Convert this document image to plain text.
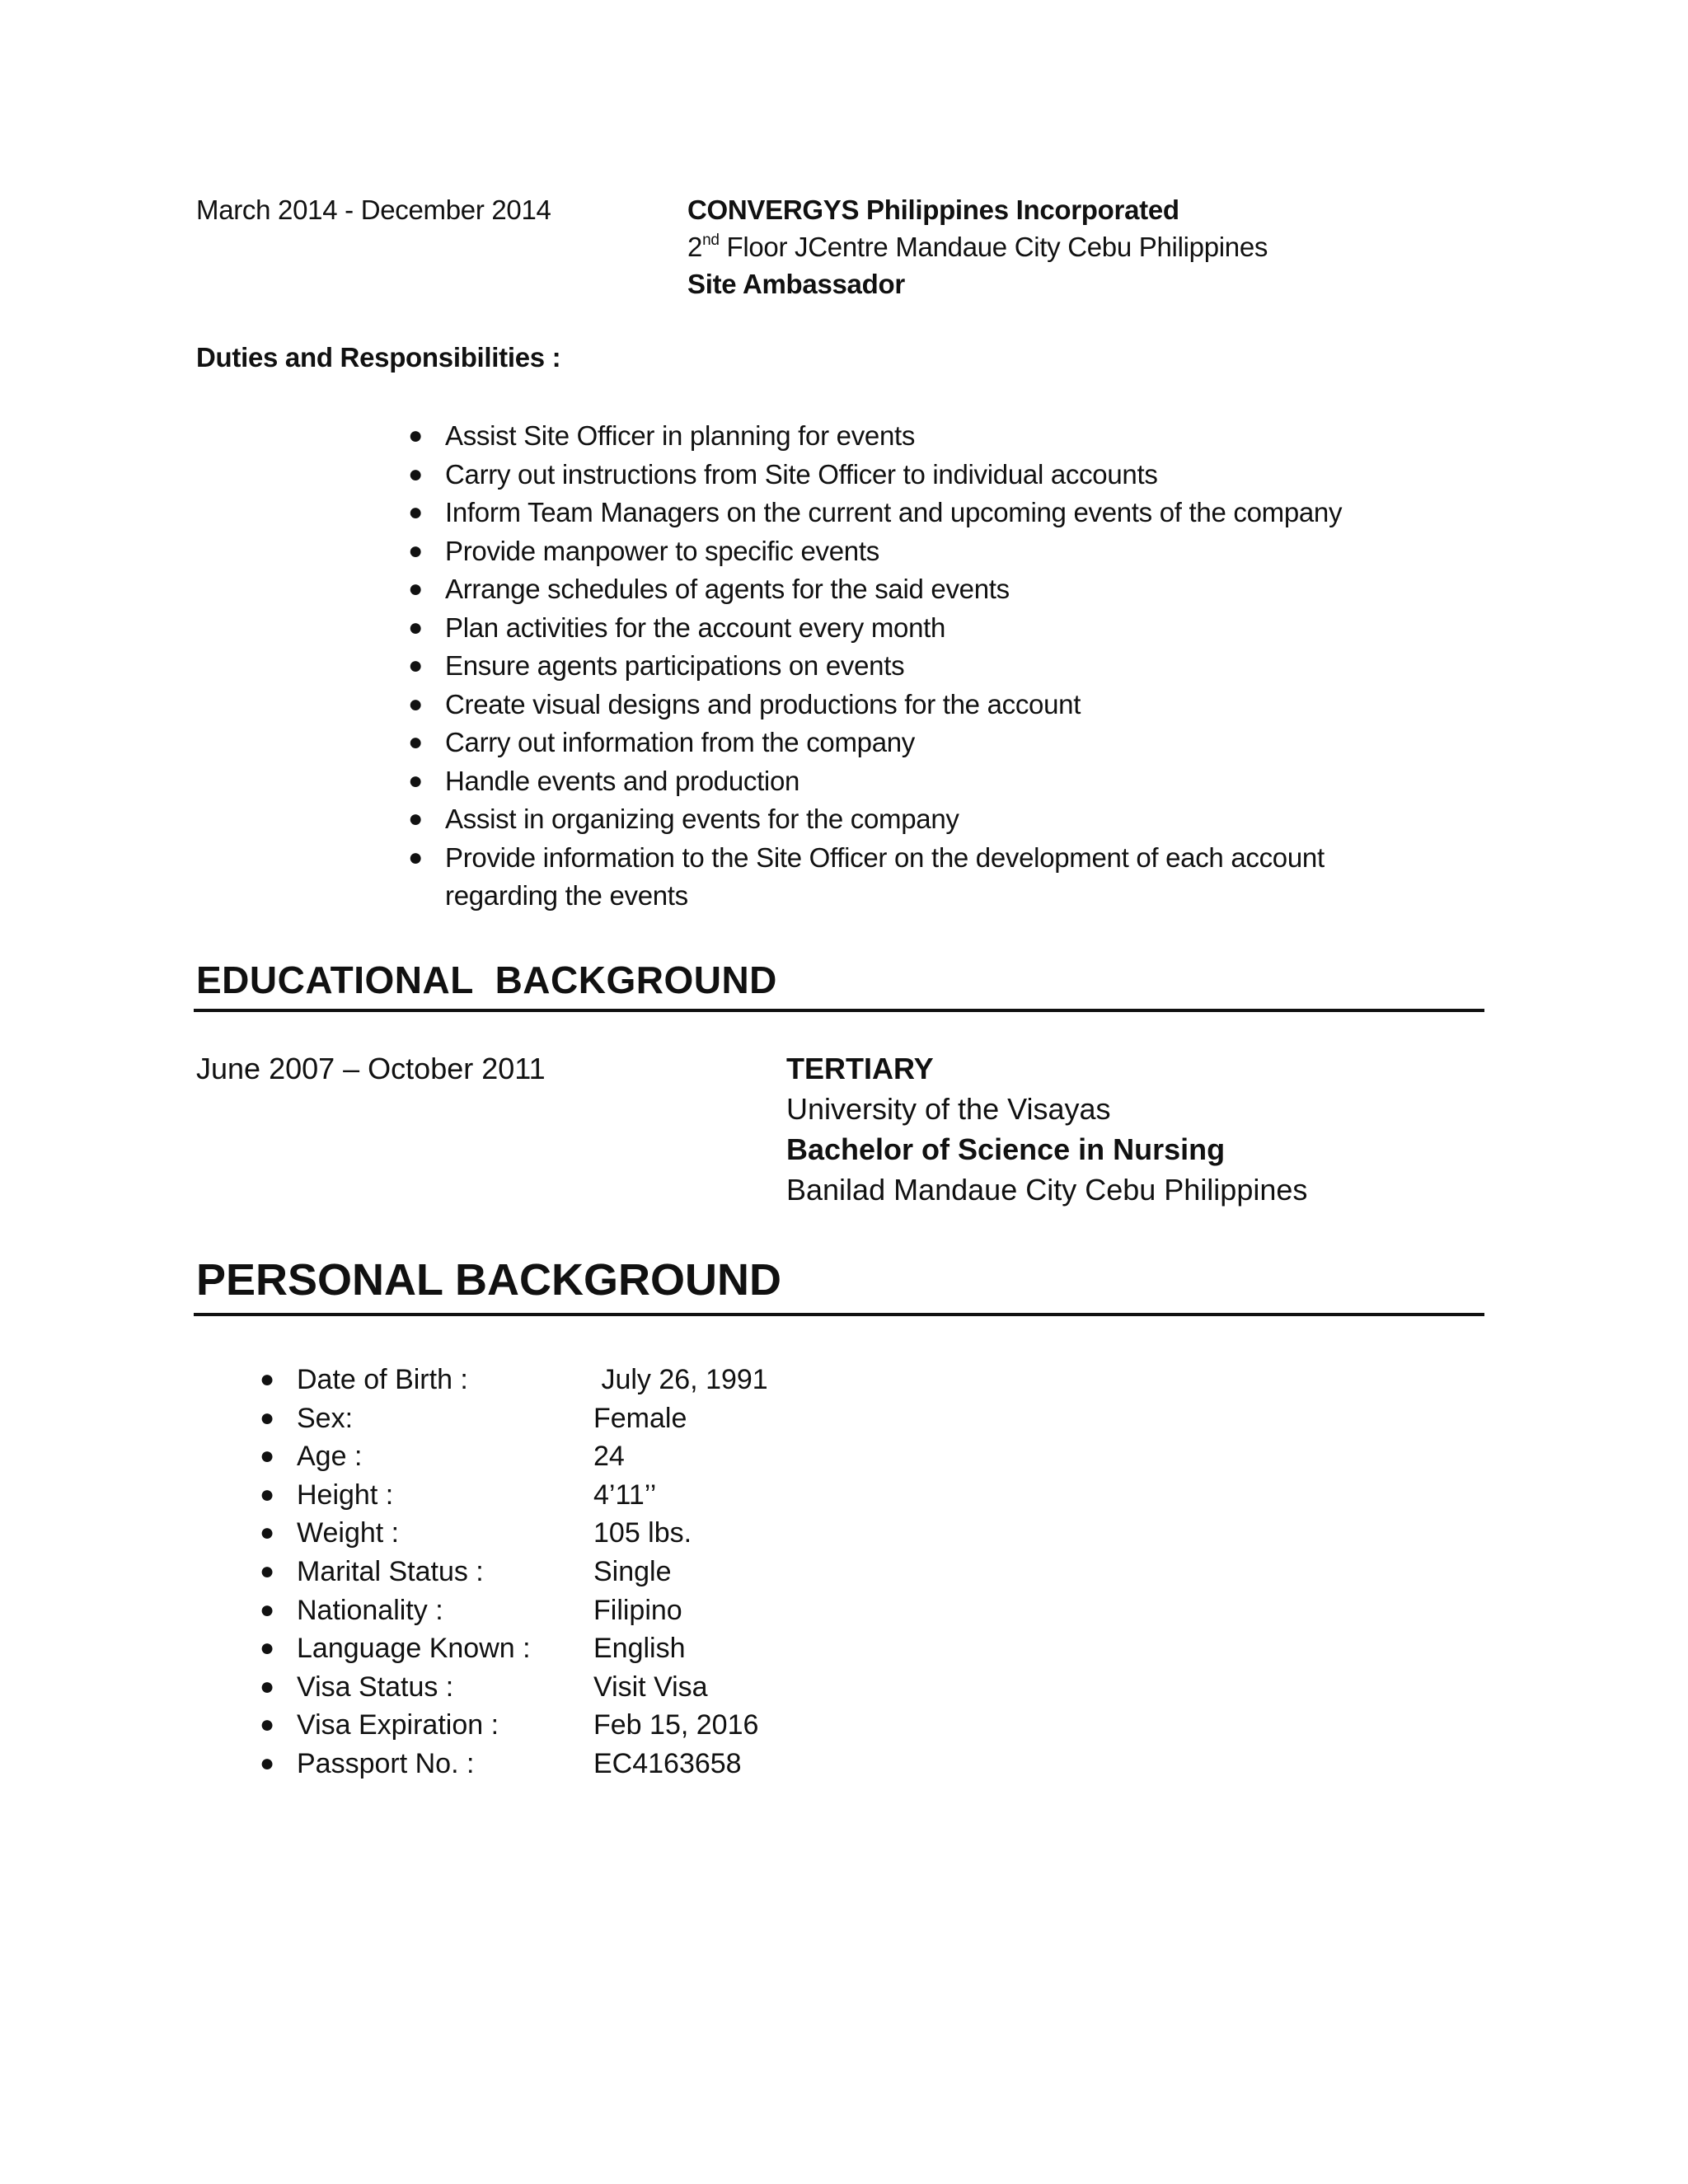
March 2014 - December 2014	CONVERGYS Philippines Incorporated
2nd Floor JCentre Mandaue City Cebu Philippines
Site Ambassador
Duties and Responsibilities :
● Assist Site Officer in planning for events
● Carry out instructions from Site Officer to individual accounts
● Inform Team Managers on the current and upcoming events of the company
● Provide manpower to specific events
● Arrange schedules of agents for the said events
● Plan activities for the account every month
● Ensure agents participations on events
● Create visual designs and productions for the account
● Carry out information from the company
● Handle events and production
● Assist in organizing events for the company
● Provide information to the Site Officer on the development of each account regarding the events
EDUCATIONAL  BACKGROUND
June 2007 – October 2011	TERTIARY
University of the Visayas
Bachelor of Science in Nursing
Banilad Mandaue City Cebu Philippines
PERSONAL BACKGROUND
● Date of Birth :	July 26, 1991
● Sex:	Female
● Age :	24
● Height :	4’11’’
● Weight :	105 lbs.
● Marital Status :	Single
● Nationality :	Filipino
● Language Known : English
● Visa Status :	Visit Visa
● Visa Expiration :	Feb 15, 2016
● Passport No. :	EC4163658
